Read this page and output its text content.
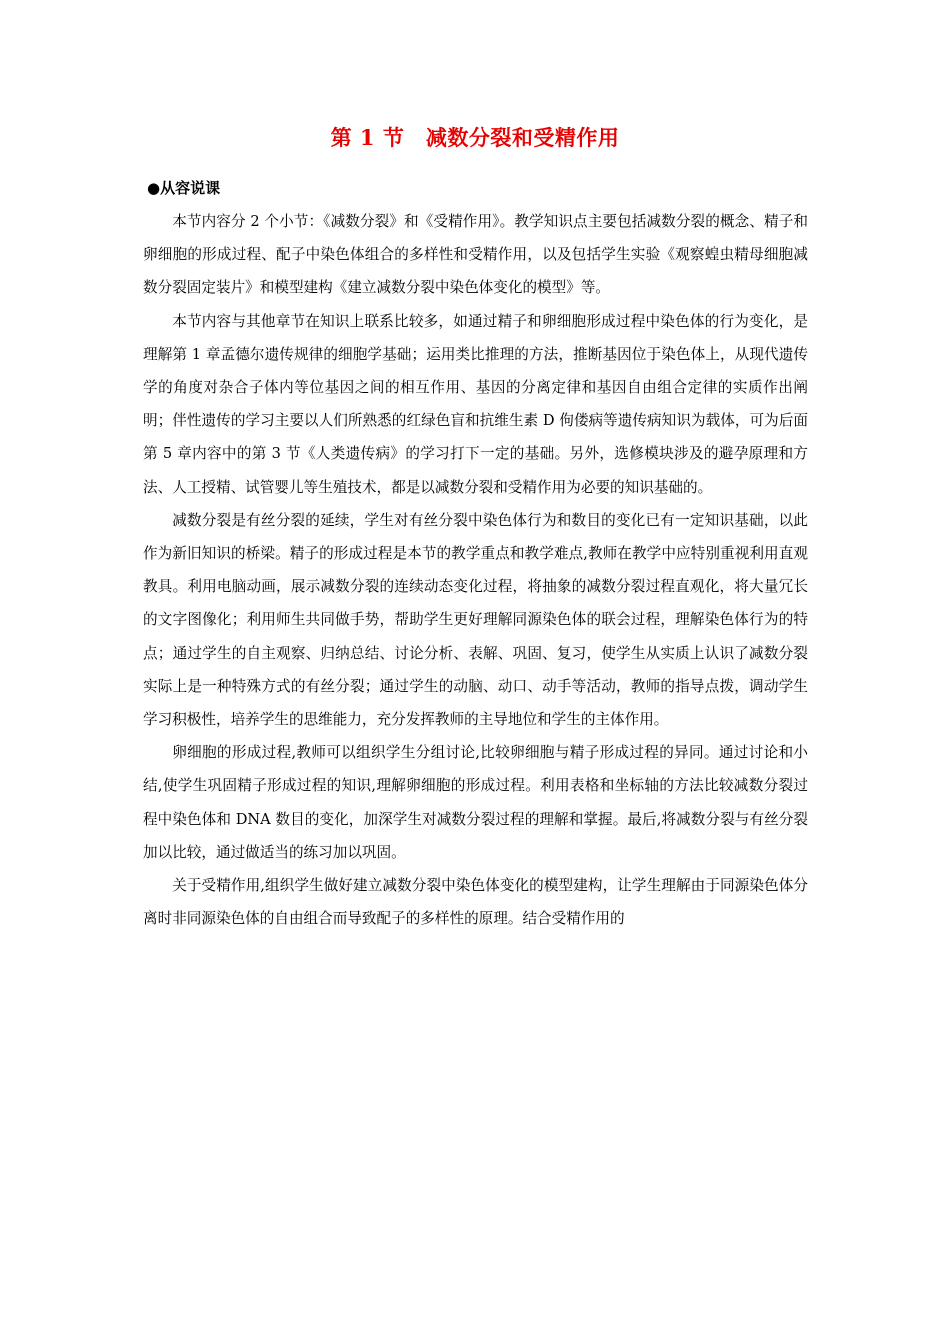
第 1 节　减数分裂和受精作用
●从容说课

本节内容分 2 个小节：《减数分裂》和《受精作用》。教学知识点主要包括减数分裂的概念、精子和卵细胞的形成过程、配子中染色体组合的多样性和受精作用，以及包括学生实验《观察蝗虫精母细胞减数分裂固定装片》和模型建构《建立减数分裂中染色体变化的模型》等。

本节内容与其他章节在知识上联系比较多，如通过精子和卵细胞形成过程中染色体的行为变化，是理解第 1 章孟德尔遗传规律的细胞学基础；运用类比推理的方法，推断基因位于染色体上，从现代遗传学的角度对杂合子体内等位基因之间的相互作用、基因的分离定律和基因自由组合定律的实质作出阐明；伴性遗传的学习主要以人们所熟悉的红绿色盲和抗维生素 D 佝偻病等遗传病知识为载体，可为后面第 5 章内容中的第 3 节《人类遗传病》的学习打下一定的基础。另外，选修模块涉及的避孕原理和方法、人工授精、试管婴儿等生殖技术，都是以减数分裂和受精作用为必要的知识基础的。

减数分裂是有丝分裂的延续，学生对有丝分裂中染色体行为和数目的变化已有一定知识基础，以此作为新旧知识的桥梁。精子的形成过程是本节的教学重点和教学难点,教师在教学中应特别重视利用直观教具。利用电脑动画，展示减数分裂的连续动态变化过程，将抽象的减数分裂过程直观化，将大量冗长的文字图像化；利用师生共同做手势，帮助学生更好理解同源染色体的联会过程，理解染色体行为的特点；通过学生的自主观察、归纳总结、讨论分析、表解、巩固、复习，使学生从实质上认识了减数分裂实际上是一种特殊方式的有丝分裂；通过学生的动脑、动口、动手等活动，教师的指导点拨，调动学生学习积极性，培养学生的思维能力，充分发挥教师的主导地位和学生的主体作用。

卵细胞的形成过程,教师可以组织学生分组讨论,比较卵细胞与精子形成过程的异同。通过讨论和小结,使学生巩固精子形成过程的知识,理解卵细胞的形成过程。利用表格和坐标轴的方法比较减数分裂过程中染色体和 DNA 数目的变化，加深学生对减数分裂过程的理解和掌握。最后,将减数分裂与有丝分裂加以比较，通过做适当的练习加以巩固。

关于受精作用,组织学生做好建立减数分裂中染色体变化的模型建构，让学生理解由于同源染色体分离时非同源染色体的自由组合而导致配子的多样性的原理。结合受精作用的
